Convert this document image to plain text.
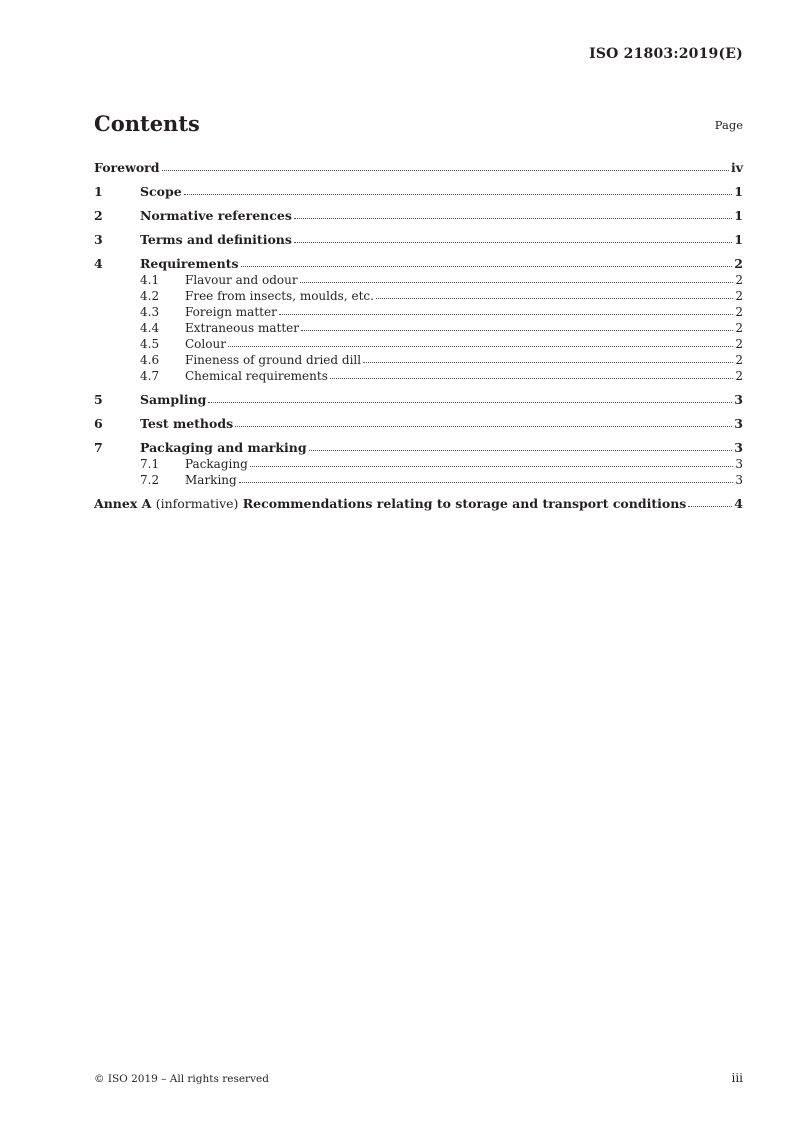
ISO 21803:2019(E)
Contents	Page
Foreword	iv
1	Scope	1
2	Normative references	1
3	Terms and definitions	1
4	Requirements	2
4.1	Flavour and odour	2
4.2	Free from insects, moulds, etc.	2
4.3	Foreign matter	2
4.4	Extraneous matter	2
4.5	Colour	2
4.6	Fineness of ground dried dill	2
4.7	Chemical requirements	2
5	Sampling	3
6	Test methods	3
7	Packaging and marking	3
7.1	Packaging	3
7.2	Marking	3
Annex A (informative) Recommendations relating to storage and transport conditions	4
© ISO 2019 – All rights reserved	iii
